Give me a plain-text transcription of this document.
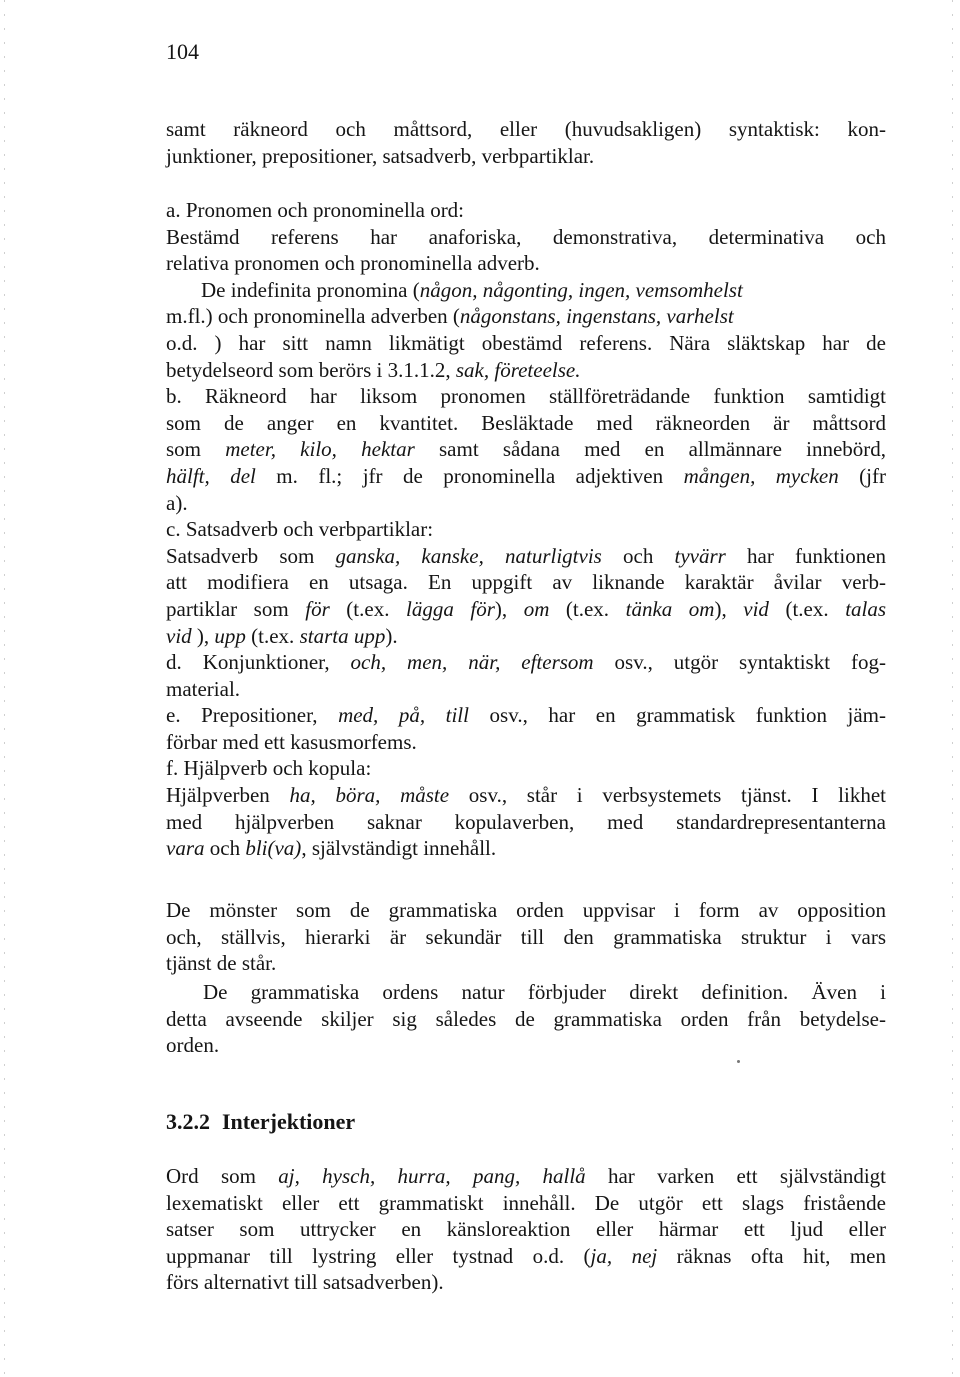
104
samt räkneord och måttsord, eller (huvudsakligen) syntaktisk: kon-
junktioner, prepositioner, satsadverb, verbpartiklar.
a. Pronomen och pronominella ord:
Bestämd referens har anaforiska, demonstrativa, determinativa och
relativa pronomen och pronominella adverb.
De indefinita pronomina (någon, någonting, ingen, vemsomhelst
m.fl.) och pronominella adverben (någonstans, ingenstans, varhelst
o.d. ) har sitt namn likmätigt obestämd referens. Nära släktskap har de
betydelseord som berörs i 3.1.1.2, sak, företeelse.
b. Räkneord har liksom pronomen ställföreträdande funktion samtidigt
som de anger en kvantitet. Besläktade med räkneorden är måttsord
som meter, kilo, hektar samt sådana med en allmännare innebörd,
hälft, del m. fl.; jfr de pronominella adjektiven mången, mycken (jfr
a).
c. Satsadverb och verbpartiklar:
Satsadverb som ganska, kanske, naturligtvis och tyvärr har funktionen
att modifiera en utsaga. En uppgift av liknande karaktär åvilar verb-
partiklar som för (t.ex. lägga för), om (t.ex. tänka om), vid (t.ex. talas
vid ), upp (t.ex. starta upp).
d. Konjunktioner, och, men, när, eftersom osv., utgör syntaktiskt fog-
material.
e. Prepositioner, med, på, till osv., har en grammatisk funktion jäm-
förbar med ett kasusmorfems.
f. Hjälpverb och kopula:
Hjälpverben ha, böra, måste osv., står i verbsystemets tjänst. I likhet
med hjälpverben saknar kopulaverben, med standardrepresentanterna
vara och bli(va), självständigt innehåll.
De mönster som de grammatiska orden uppvisar i form av opposition
och, ställvis, hierarki är sekundär till den grammatiska struktur i vars
tjänst de står.
De grammatiska ordens natur förbjuder direkt definition. Även i
detta avseende skiljer sig således de grammatiska orden från betydelse-
orden.
3.2.2 Interjektioner
Ord som aj, hysch, hurra, pang, hallå har varken ett självständigt
lexematiskt eller ett grammatiskt innehåll. De utgör ett slags fristående
satser som uttrycker en känsloreaktion eller härmar ett ljud eller
uppmanar till lystring eller tystnad o.d. (ja, nej räknas ofta hit, men
förs alternativt till satsadverben).
